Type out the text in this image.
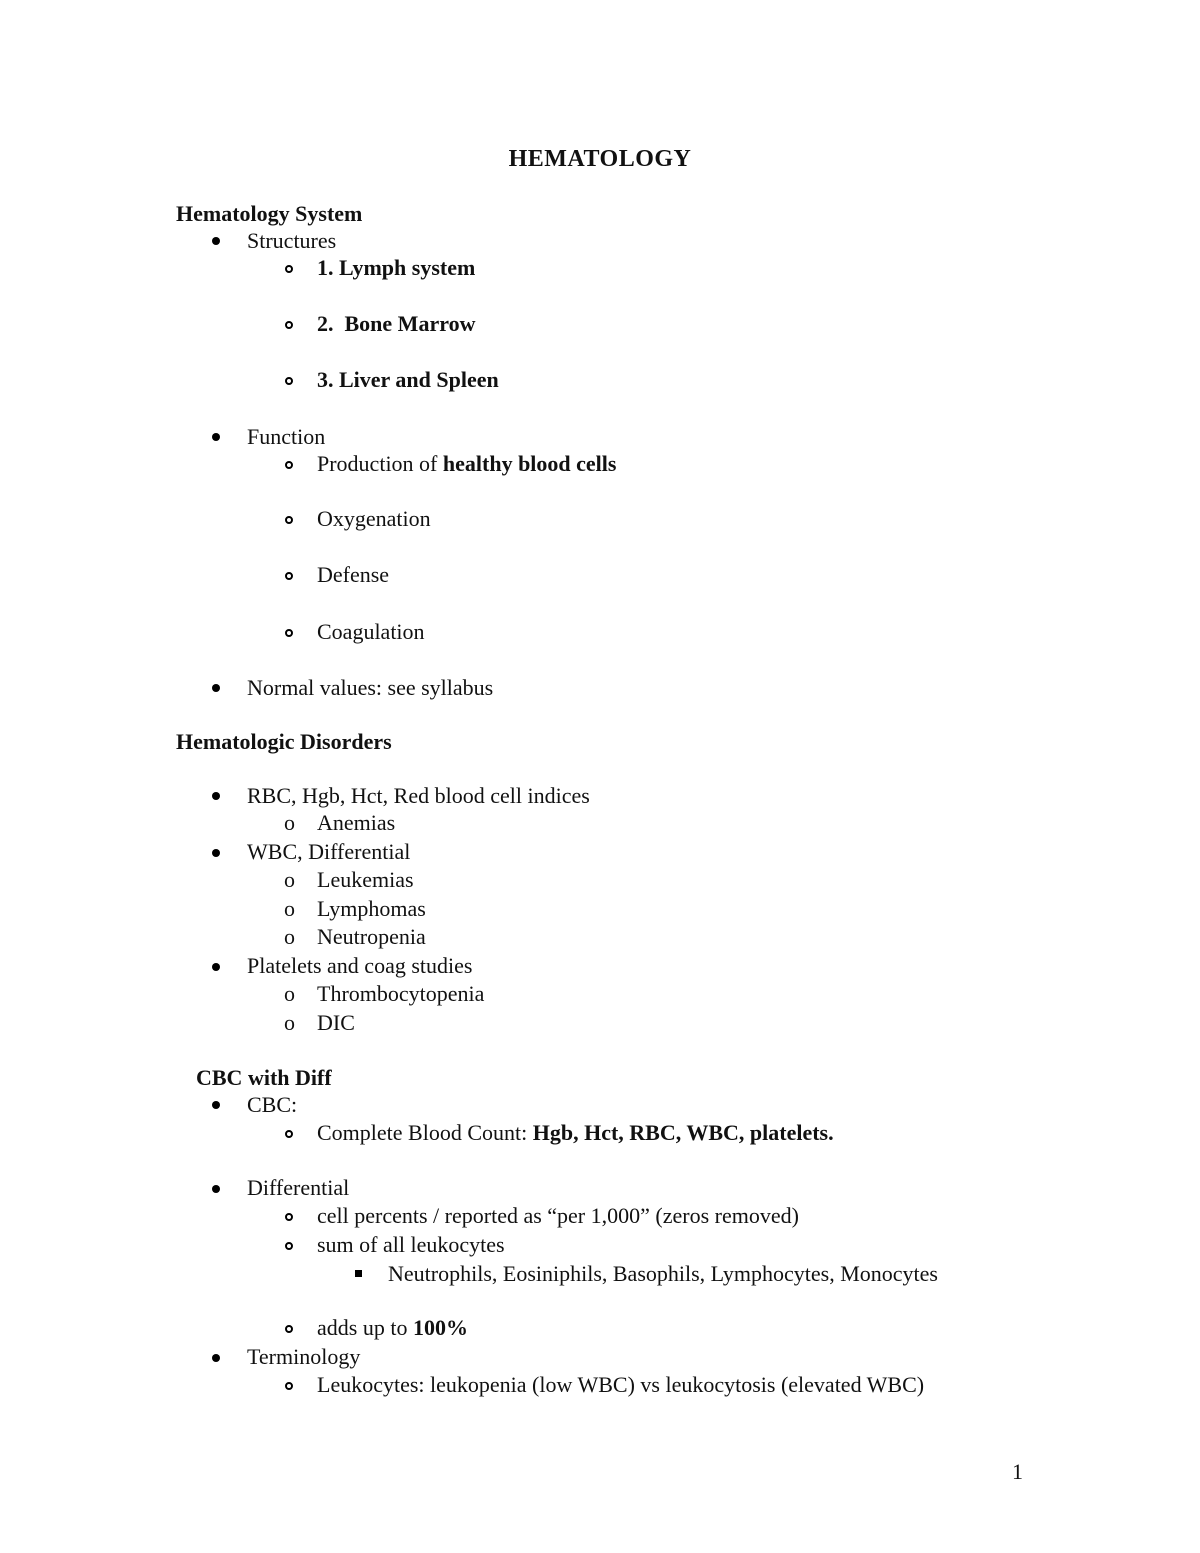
HEMATOLOGY
Hematology System
Structures
1. Lymph system
2.  Bone Marrow
3. Liver and Spleen
Function
Production of healthy blood cells
Oxygenation
Defense
Coagulation
Normal values: see syllabus
Hematologic Disorders
RBC, Hgb, Hct, Red blood cell indices
o Anemias
WBC, Differential
o Leukemias
o Lymphomas
o Neutropenia
Platelets and coag studies
o Thrombocytopenia
o DIC
CBC with Diff
CBC:
Complete Blood Count: Hgb, Hct, RBC, WBC, platelets.
Differential
cell percents / reported as “per 1,000” (zeros removed)
sum of all leukocytes
Neutrophils, Eosiniphils, Basophils, Lymphocytes, Monocytes
adds up to 100%
Terminology
Leukocytes: leukopenia (low WBC) vs leukocytosis (elevated WBC)
1
